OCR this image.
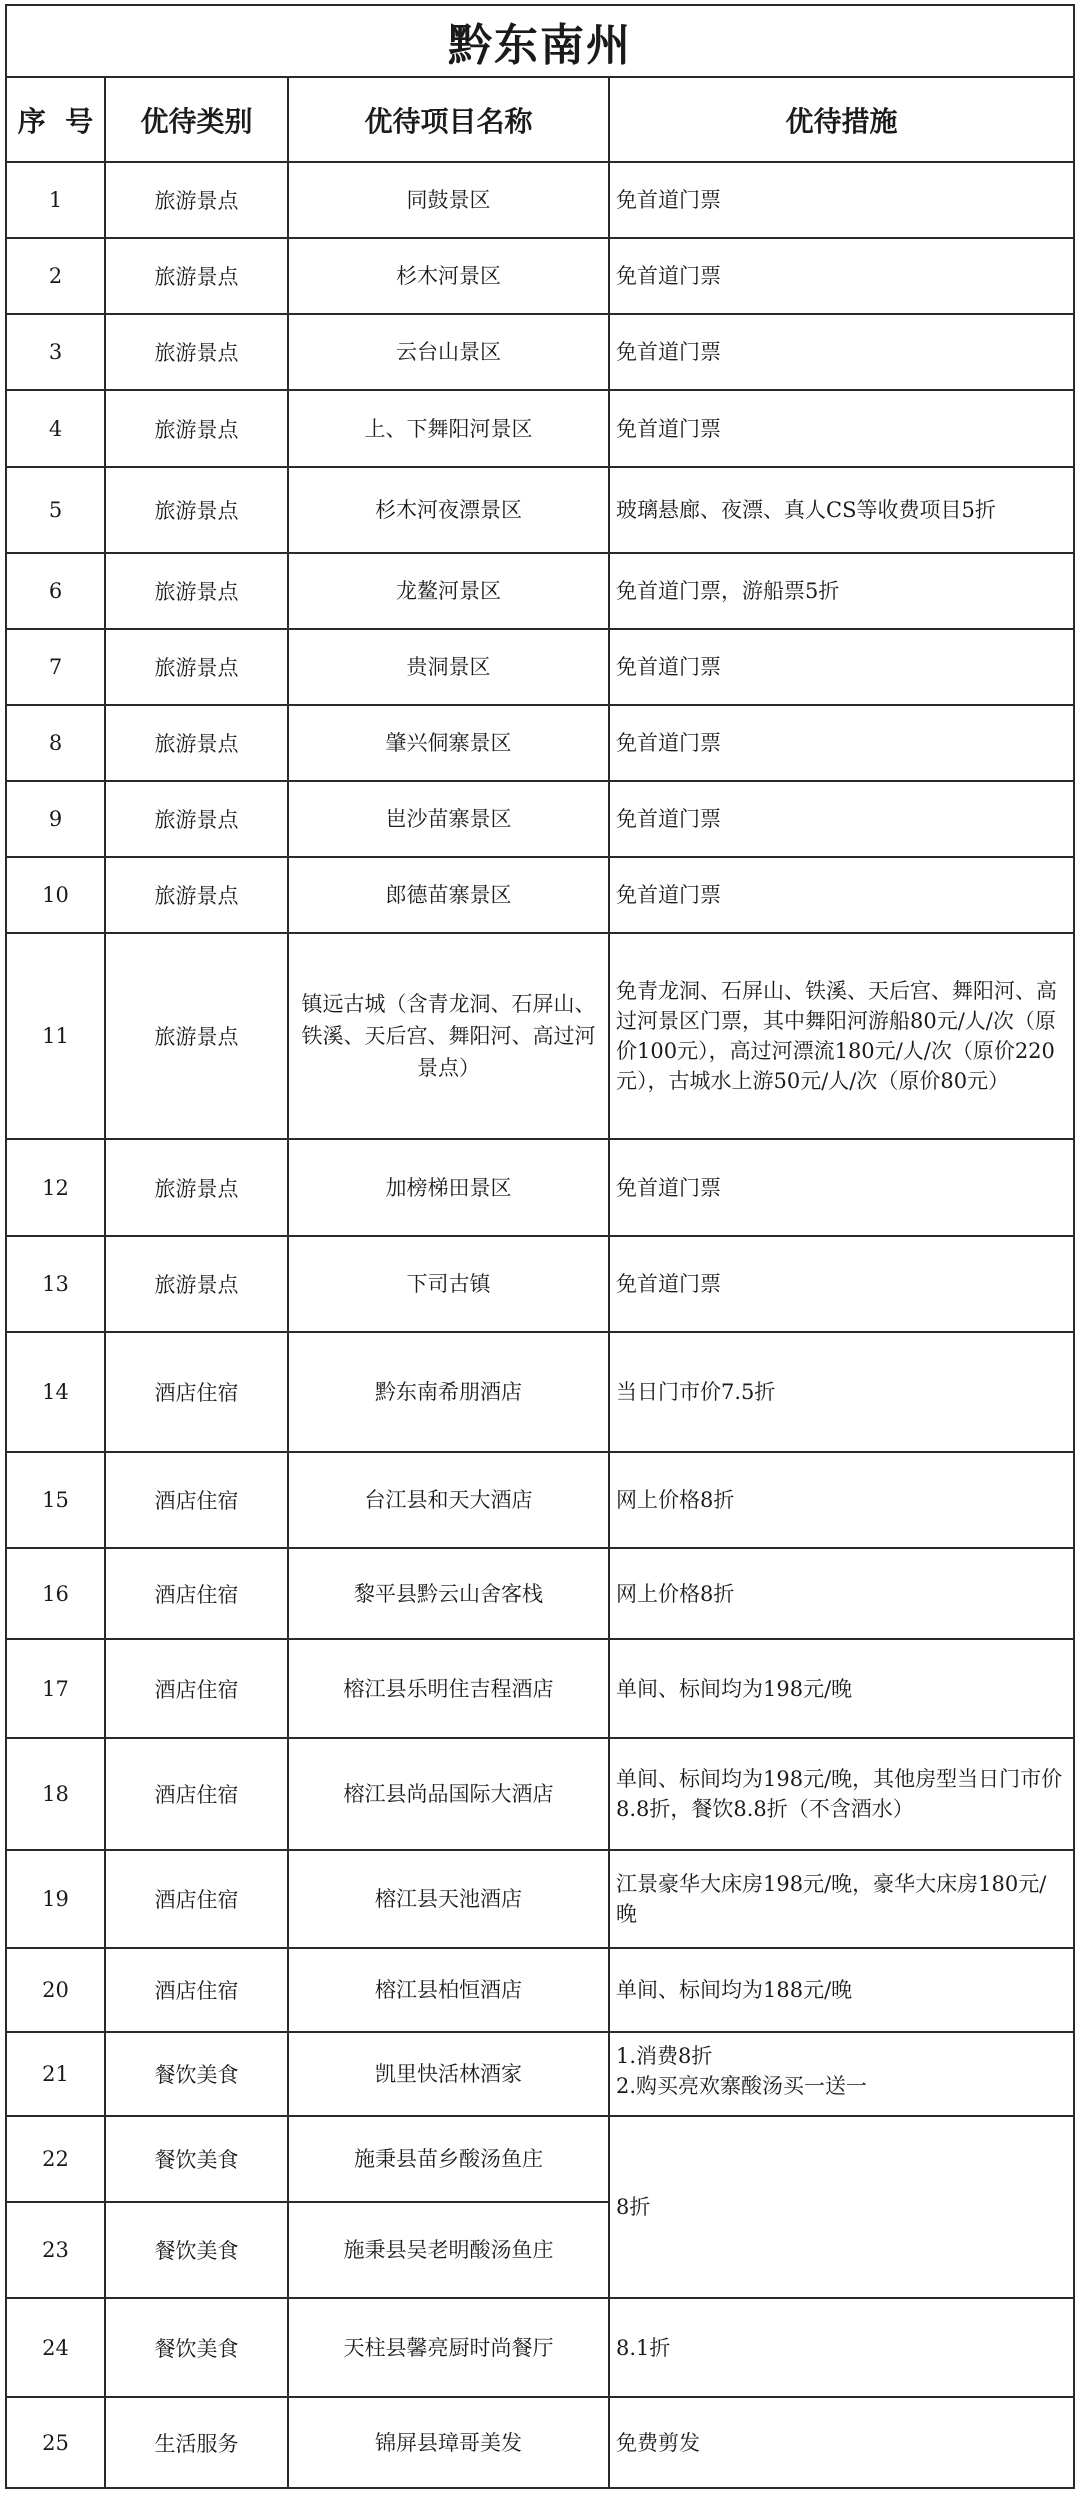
黔东南州			
序  号	优待类别	优待项目名称	优待措施
1	旅游景点	同鼓景区	免首道门票
2	旅游景点	杉木河景区	免首道门票
3	旅游景点	云台山景区	免首道门票
4	旅游景点	上、下舞阳河景区	免首道门票
5	旅游景点	杉木河夜漂景区	玻璃悬廊、夜漂、真人CS等收费项目5折
6	旅游景点	龙鳌河景区	免首道门票，游船票5折
7	旅游景点	贵洞景区	免首道门票
8	旅游景点	肇兴侗寨景区	免首道门票
9	旅游景点	岜沙苗寨景区	免首道门票
10	旅游景点	郎德苗寨景区	免首道门票
11	旅游景点	镇远古城（含青龙洞、石屏山、铁溪、天后宫、舞阳河、高过河景点）	免青龙洞、石屏山、铁溪、天后宫、舞阳河、高过河景区门票，其中舞阳河游船80元/人/次（原价100元），高过河漂流180元/人/次（原价220元），古城水上游50元/人/次（原价80元）
12	旅游景点	加榜梯田景区	免首道门票
13	旅游景点	下司古镇	免首道门票
14	酒店住宿	黔东南希朋酒店	当日门市价7.5折
15	酒店住宿	台江县和天大酒店	网上价格8折
16	酒店住宿	黎平县黔云山舍客栈	网上价格8折
17	酒店住宿	榕江县乐明住吉程酒店	单间、标间均为198元/晚
18	酒店住宿	榕江县尚品国际大酒店	单间、标间均为198元/晚，其他房型当日门市价8.8折，餐饮8.8折（不含酒水）
19	酒店住宿	榕江县天池酒店	江景豪华大床房198元/晚，豪华大床房180元/晚
20	酒店住宿	榕江县柏恒酒店	单间、标间均为188元/晚
21	餐饮美食	凯里快活林酒家	1.消费8折
2.购买亮欢寨酸汤买一送一
22	餐饮美食	施秉县苗乡酸汤鱼庄	8折
23	餐饮美食	施秉县吴老明酸汤鱼庄	
24	餐饮美食	天柱县馨亮厨时尚餐厅	8.1折
25	生活服务	锦屏县璋哥美发	免费剪发
